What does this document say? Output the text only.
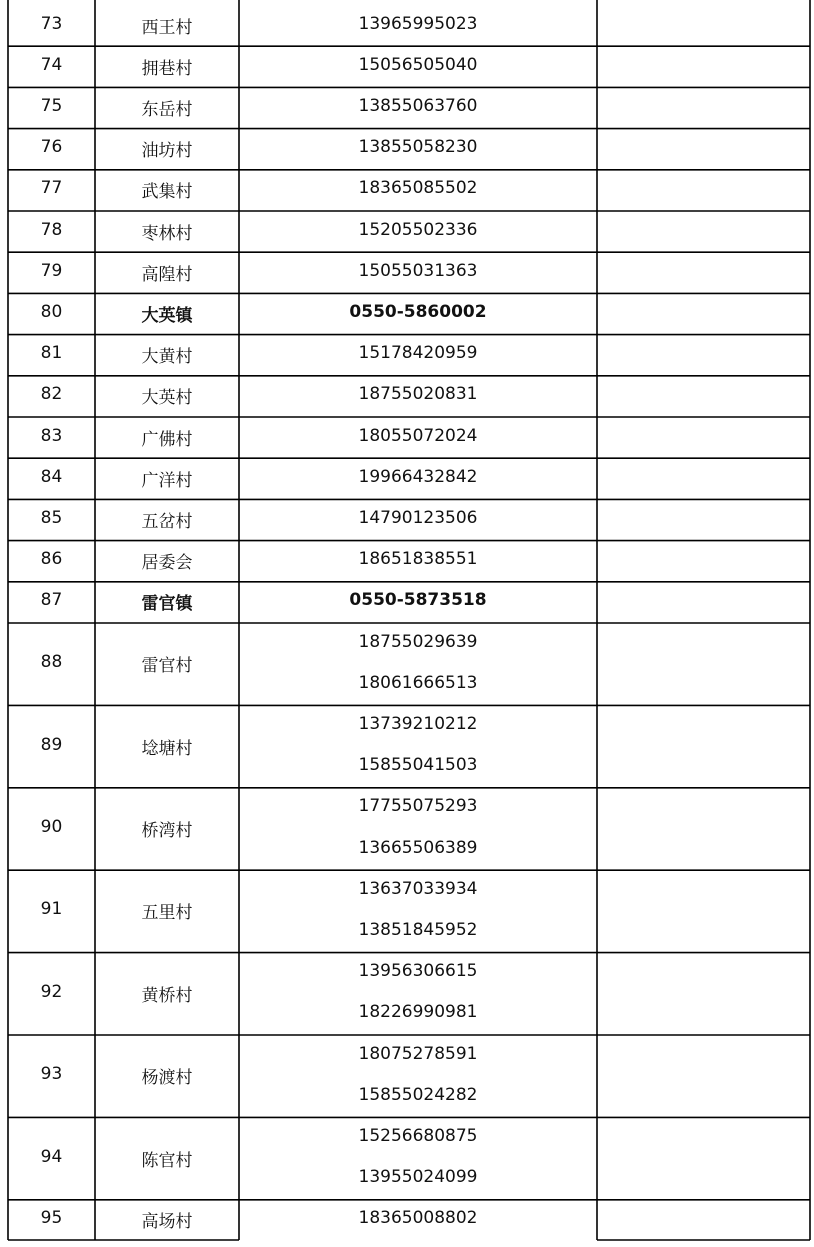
73	西王村	13965995023
74	拥巷村	15056505040
75	东岳村	13855063760
76	油坊村	13855058230
77	武集村	18365085502
78	枣林村	15205502336
79	高隍村	15055031363
80	大英镇	0550-5860002
81	大黄村	15178420959
82	大英村	18755020831
83	广佛村	18055072024
84	广洋村	19966432842
85	五岔村	14790123506
86	居委会	18651838551
87	雷官镇	0550-5873518
88	雷官村
18755029639
18061666513
89	埝塘村
13739210212
15855041503
90	桥湾村
17755075293
13665506389
91	五里村
13637033934
13851845952
92	黄桥村
13956306615
18226990981
93	杨渡村
18075278591
15855024282
94	陈官村
15256680875
13955024099
95	高场村	18365008802
